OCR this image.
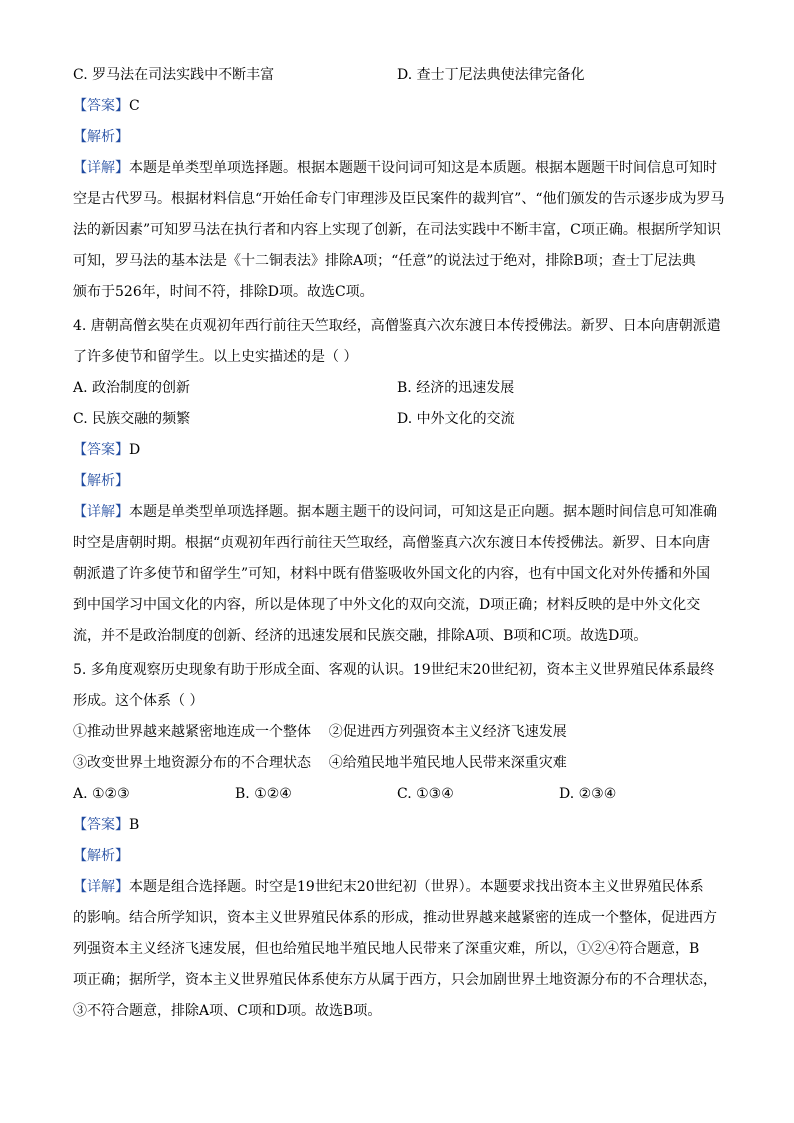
C. 罗马法在司法实践中不断丰富	D. 查士丁尼法典使法律完备化
【答案】C
【解析】
【详解】本题是单类型单项选择题。根据本题题干设问词可知这是本质题。根据本题题干时间信息可知时
空是古代罗马。根据材料信息“开始任命专门审理涉及臣民案件的裁判官”、“他们颁发的告示逐步成为罗马
法的新因素”可知罗马法在执行者和内容上实现了创新，在司法实践中不断丰富，C项正确。根据所学知识
可知，罗马法的基本法是《十二铜表法》排除A项；“任意”的说法过于绝对，排除B项；查士丁尼法典
颁布于526年，时间不符，排除D项。故选C项。
4. 唐朝高僧玄奘在贞观初年西行前往天竺取经，高僧鉴真六次东渡日本传授佛法。新罗、日本向唐朝派遣
了许多使节和留学生。以上史实描述的是（ ）
A. 政治制度的创新	B. 经济的迅速发展
C. 民族交融的频繁	D. 中外文化的交流
【答案】D
【解析】
【详解】本题是单类型单项选择题。据本题主题干的设问词，可知这是正向题。据本题时间信息可知准确
时空是唐朝时期。根据“贞观初年西行前往天竺取经，高僧鉴真六次东渡日本传授佛法。新罗、日本向唐
朝派遣了许多使节和留学生”可知，材料中既有借鉴吸收外国文化的内容，也有中国文化对外传播和外国
到中国学习中国文化的内容，所以是体现了中外文化的双向交流，D项正确；材料反映的是中外文化交
流，并不是政治制度的创新、经济的迅速发展和民族交融，排除A项、B项和C项。故选D项。
5. 多角度观察历史现象有助于形成全面、客观的认识。19世纪末20世纪初，资本主义世界殖民体系最终
形成。这个体系（ ）
①推动世界越来越紧密地连成一个整体    ②促进西方列强资本主义经济飞速发展
③改变世界土地资源分布的不合理状态    ④给殖民地半殖民地人民带来深重灾难
A. ①②③	B. ①②④	C. ①③④	D. ②③④
【答案】B
【解析】
【详解】本题是组合选择题。时空是19世纪末20世纪初（世界）。本题要求找出资本主义世界殖民体系
的影响。结合所学知识，资本主义世界殖民体系的形成，推动世界越来越紧密的连成一个整体，促进西方
列强资本主义经济飞速发展，但也给殖民地半殖民地人民带来了深重灾难，所以，①②④符合题意，B
项正确；据所学，资本主义世界殖民体系使东方从属于西方，只会加剧世界土地资源分布的不合理状态，
③不符合题意，排除A项、C项和D项。故选B项。
